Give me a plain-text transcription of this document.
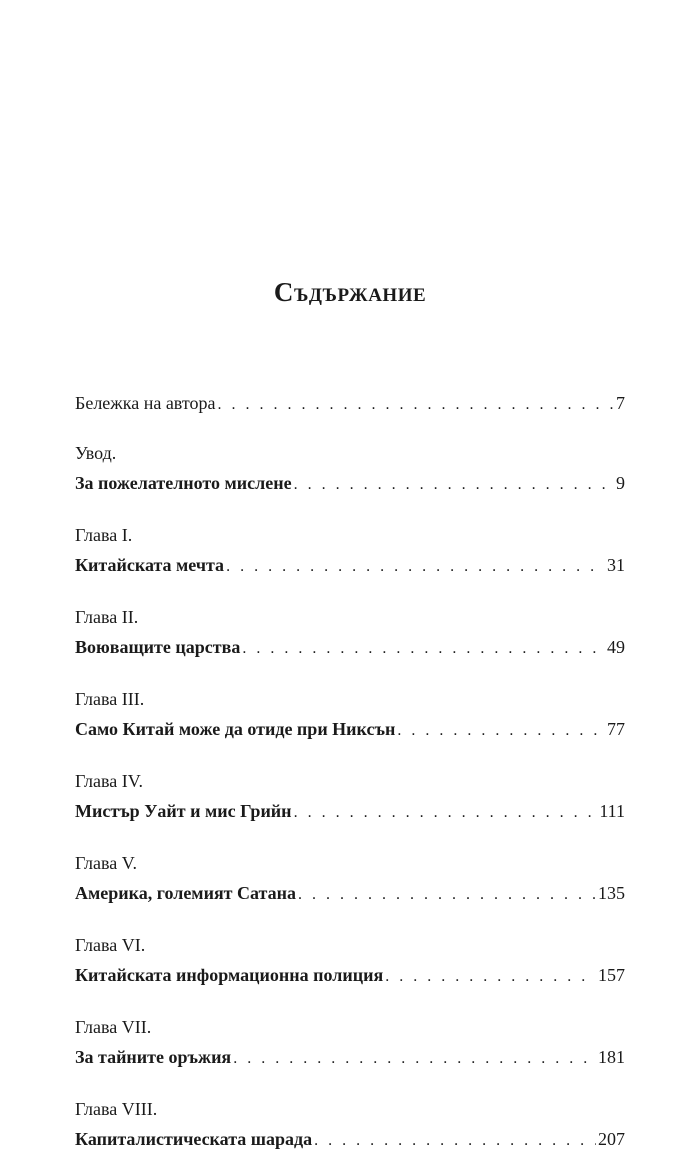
Съдържание
Бележка на автора . . .	7
Увод.
За пожелателното мислене . . .	9
Глава I.
Китайската мечта . . .	31
Глава II.
Воюващите царства . . .	49
Глава III.
Само Китай може да отиде при Никсън . . .	77
Глава IV.
Мистър Уайт и мис Грийн . . .	111
Глава V.
Америка, големият Сатана . . .	135
Глава VI.
Китайската информационна полиция . . .	157
Глава VII.
За тайните оръжия . . .	181
Глава VIII.
Капиталистическата шарада . . .	207
